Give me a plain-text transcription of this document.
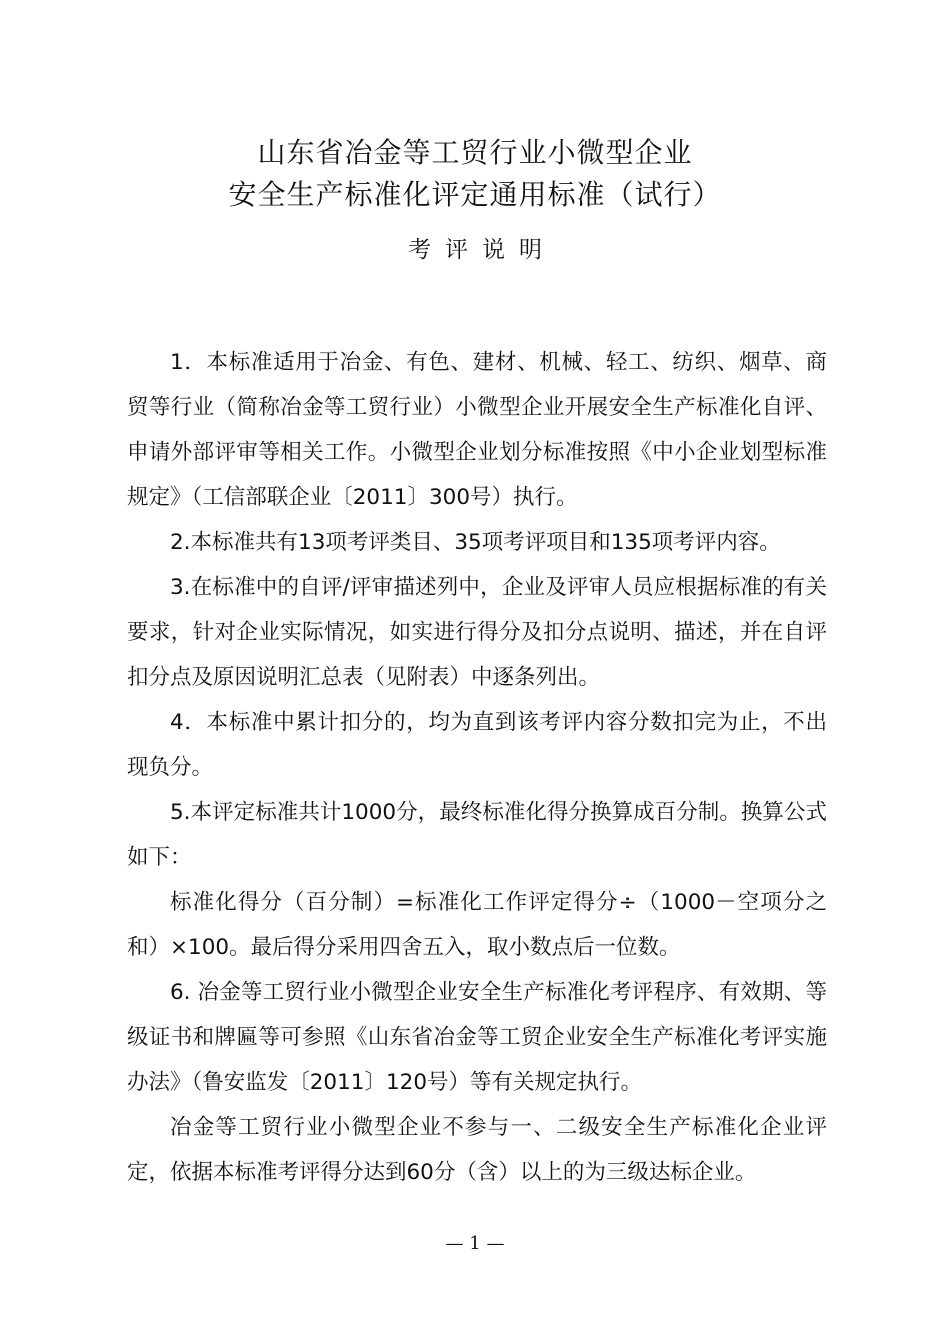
山东省冶金等工贸行业小微型企业
安全生产标准化评定通用标准（试行）
考评说明

1．本标准适用于冶金、有色、建材、机械、轻工、纺织、烟草、商贸等行业（简称冶金等工贸行业）小微型企业开展安全生产标准化自评、申请外部评审等相关工作。小微型企业划分标准按照《中小企业划型标准规定》（工信部联企业〔2011〕300号）执行。

2.本标准共有13项考评类目、35项考评项目和135项考评内容。

3.在标准中的自评/评审描述列中，企业及评审人员应根据标准的有关要求，针对企业实际情况，如实进行得分及扣分点说明、描述，并在自评扣分点及原因说明汇总表（见附表）中逐条列出。

4．本标准中累计扣分的，均为直到该考评内容分数扣完为止，不出现负分。

5.本评定标准共计1000分，最终标准化得分换算成百分制。换算公式如下：

标准化得分（百分制）=标准化工作评定得分÷（1000－空项分之和）×100。最后得分采用四舍五入，取小数点后一位数。

6. 冶金等工贸行业小微型企业安全生产标准化考评程序、有效期、等级证书和牌匾等可参照《山东省冶金等工贸企业安全生产标准化考评实施办法》（鲁安监发〔2011〕120号）等有关规定执行。

冶金等工贸行业小微型企业不参与一、二级安全生产标准化企业评定，依据本标准考评得分达到60分（含）以上的为三级达标企业。

— 1 —
